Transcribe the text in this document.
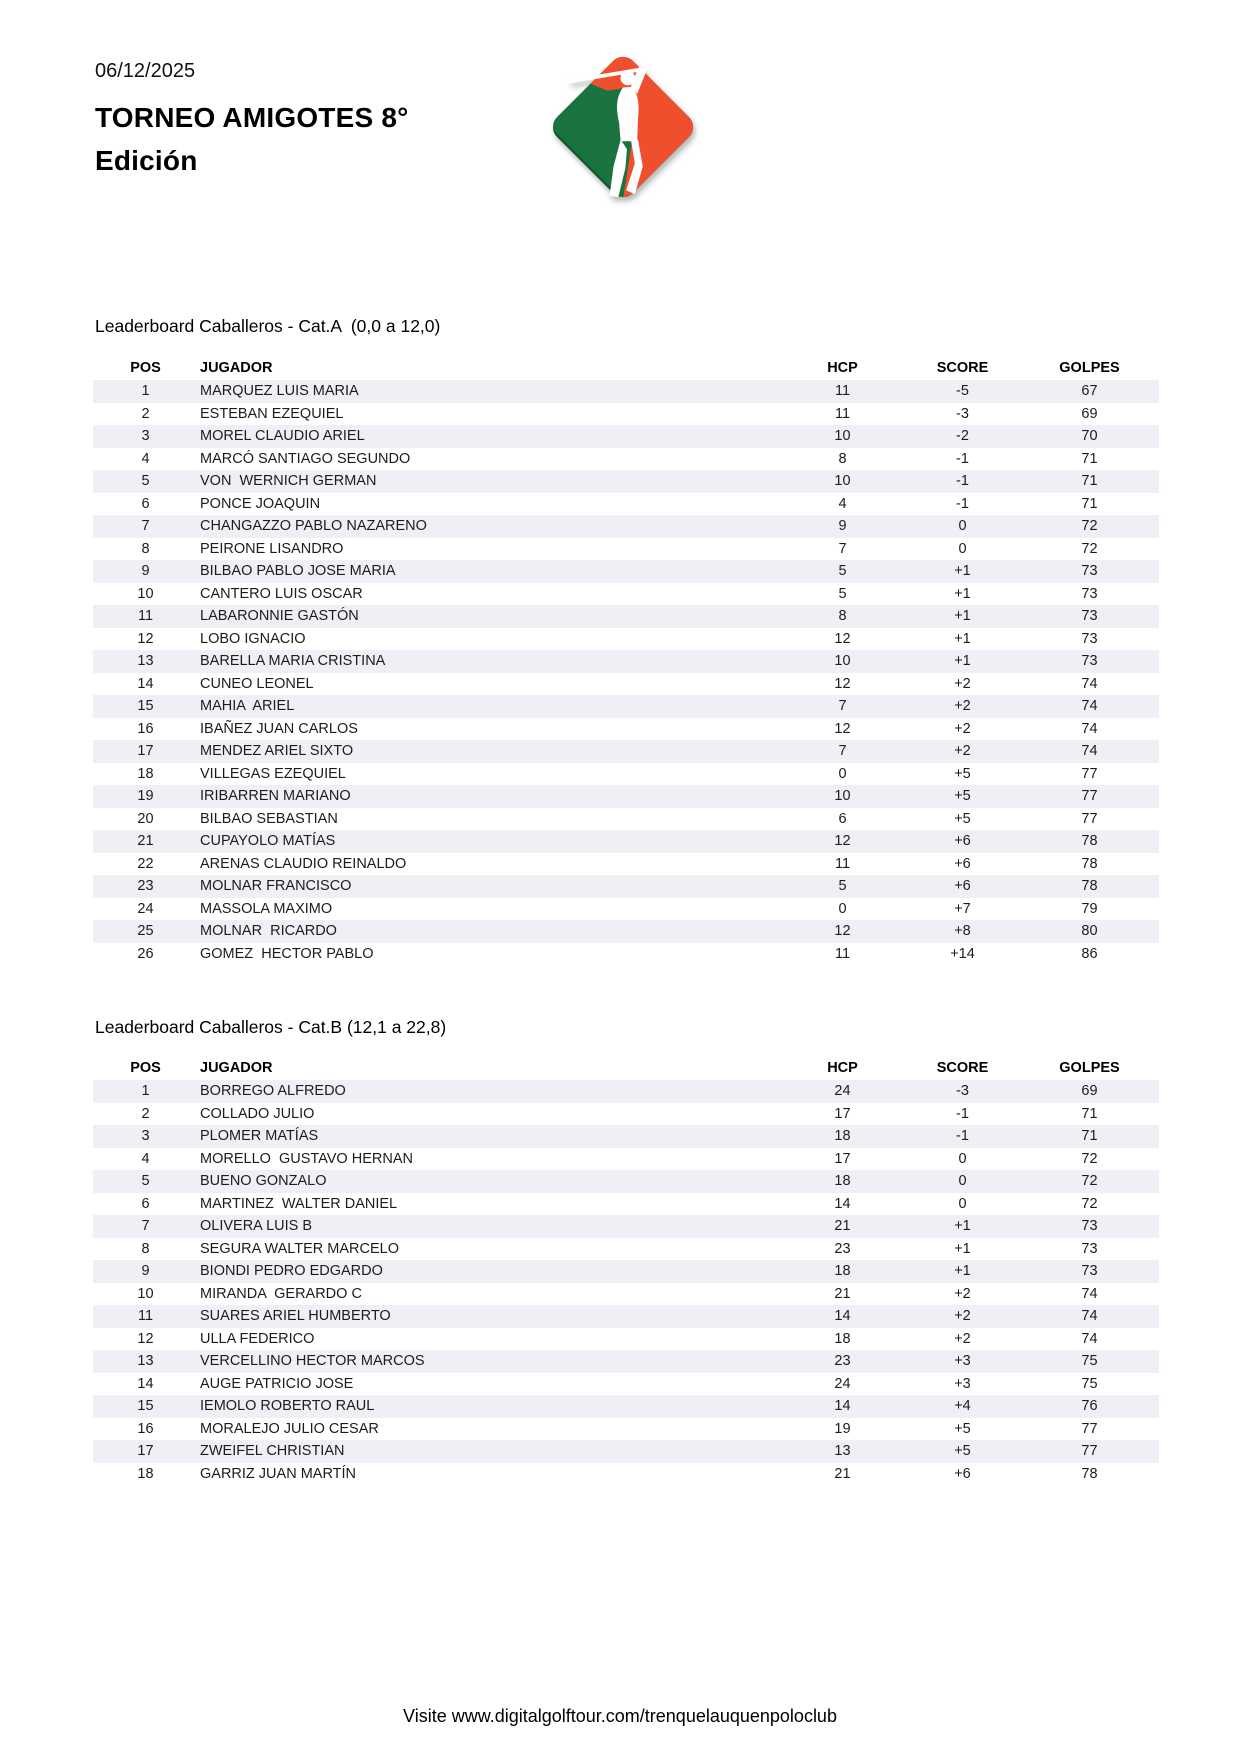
06/12/2025
TORNEO AMIGOTES 8°
Edición
Leaderboard Caballeros - Cat.A  (0,0 a 12,0)
POS	JUGADOR	HCP	SCORE	GOLPES
1	MARQUEZ LUIS MARIA	11	-5	67
2	ESTEBAN EZEQUIEL	11	-3	69
3	MOREL CLAUDIO ARIEL	10	-2	70
4	MARCÓ SANTIAGO SEGUNDO	8	-1	71
5	VON  WERNICH GERMAN	10	-1	71
6	PONCE JOAQUIN	4	-1	71
7	CHANGAZZO PABLO NAZARENO	9	0	72
8	PEIRONE LISANDRO	7	0	72
9	BILBAO PABLO JOSE MARIA	5	+1	73
10	CANTERO LUIS OSCAR	5	+1	73
11	LABARONNIE GASTÓN	8	+1	73
12	LOBO IGNACIO	12	+1	73
13	BARELLA MARIA CRISTINA	10	+1	73
14	CUNEO LEONEL	12	+2	74
15	MAHIA  ARIEL	7	+2	74
16	IBAÑEZ JUAN CARLOS	12	+2	74
17	MENDEZ ARIEL SIXTO	7	+2	74
18	VILLEGAS EZEQUIEL	0	+5	77
19	IRIBARREN MARIANO	10	+5	77
20	BILBAO SEBASTIAN	6	+5	77
21	CUPAYOLO MATÍAS	12	+6	78
22	ARENAS CLAUDIO REINALDO	11	+6	78
23	MOLNAR FRANCISCO	5	+6	78
24	MASSOLA MAXIMO	0	+7	79
25	MOLNAR  RICARDO	12	+8	80
26	GOMEZ  HECTOR PABLO	11	+14	86
Leaderboard Caballeros - Cat.B (12,1 a 22,8)
POS	JUGADOR	HCP	SCORE	GOLPES
1	BORREGO ALFREDO	24	-3	69
2	COLLADO JULIO	17	-1	71
3	PLOMER MATÍAS	18	-1	71
4	MORELLO  GUSTAVO HERNAN	17	0	72
5	BUENO GONZALO	18	0	72
6	MARTINEZ  WALTER DANIEL	14	0	72
7	OLIVERA LUIS B	21	+1	73
8	SEGURA WALTER MARCELO	23	+1	73
9	BIONDI PEDRO EDGARDO	18	+1	73
10	MIRANDA  GERARDO C	21	+2	74
11	SUARES ARIEL HUMBERTO	14	+2	74
12	ULLA FEDERICO	18	+2	74
13	VERCELLINO HECTOR MARCOS	23	+3	75
14	AUGE PATRICIO JOSE	24	+3	75
15	IEMOLO ROBERTO RAUL	14	+4	76
16	MORALEJO JULIO CESAR	19	+5	77
17	ZWEIFEL CHRISTIAN	13	+5	77
18	GARRIZ JUAN MARTÍN	21	+6	78
Visite www.digitalgolftour.com/trenquelauquenpoloclub
